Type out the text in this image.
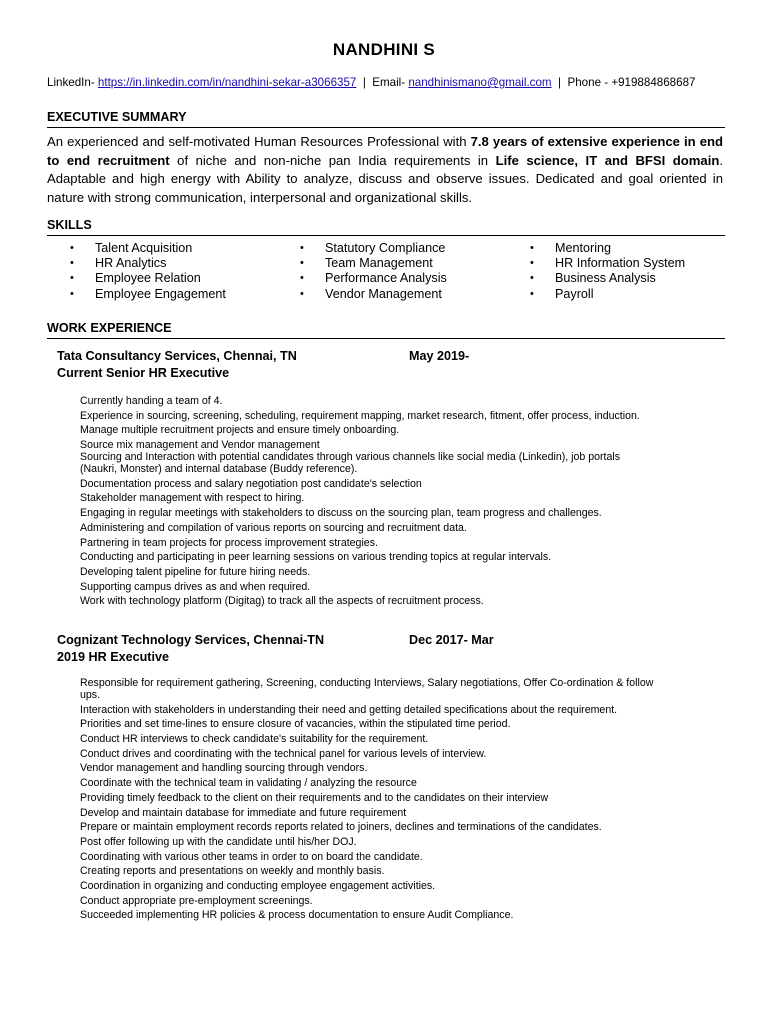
NANDHINI S
LinkedIn- https://in.linkedin.com/in/nandhini-sekar-a3066357  |  Email- nandhinismano@gmail.com  |  Phone - +919884868687
EXECUTIVE SUMMARY
An experienced and self-motivated Human Resources Professional with 7.8 years of extensive experience in end to end recruitment of niche and non-niche pan India requirements in Life science, IT and BFSI domain. Adaptable and high energy with Ability to analyze, discuss and observe issues. Dedicated and goal oriented in nature with strong communication, interpersonal and organizational skills.
SKILLS
• Talent Acquisition
• HR Analytics
• Employee Relation
• Employee Engagement
• Statutory Compliance
• Team Management
• Performance Analysis
• Vendor Management
• Mentoring
• HR Information System
• Business Analysis
• Payroll
WORK EXPERIENCE
Tata Consultancy Services, Chennai, TN
Current Senior HR Executive
May 2019-
Currently handing a team of 4.
Experience in sourcing, screening, scheduling, requirement mapping, market research, fitment, offer process, induction.
Manage multiple recruitment projects and ensure timely onboarding.
Source mix management and Vendor management
Sourcing and Interaction with potential candidates through various channels like social media (Linkedin), job portals (Naukri, Monster) and internal database (Buddy reference).
Documentation process and salary negotiation post candidate's selection
Stakeholder management with respect to hiring.
Engaging in regular meetings with stakeholders to discuss on the sourcing plan, team progress and challenges.
Administering and compilation of various reports on sourcing and recruitment data.
Partnering in team projects for process improvement strategies.
Conducting and participating in peer learning sessions on various trending topics at regular intervals.
Developing talent pipeline for future hiring needs.
Supporting campus drives as and when required.
Work with technology platform (Digitag) to track all the aspects of recruitment process.
Cognizant Technology Services, Chennai-TN
2019 HR Executive
Dec 2017- Mar
Responsible for requirement gathering, Screening, conducting Interviews, Salary negotiations, Offer Co-ordination & follow ups.
Interaction with stakeholders in understanding their need and getting detailed specifications about the requirement.
Priorities and set time-lines to ensure closure of vacancies, within the stipulated time period.
Conduct HR interviews to check candidate's suitability for the requirement.
Conduct drives and coordinating with the technical panel for various levels of interview.
Vendor management and handling sourcing through vendors.
Coordinate with the technical team in validating / analyzing the resource
Providing timely feedback to the client on their requirements and to the candidates on their interview
Develop and maintain database for immediate and future requirement
Prepare or maintain employment records reports related to joiners, declines and terminations of the candidates.
Post offer following up with the candidate until his/her DOJ.
Coordinating with various other teams in order to on board the candidate.
Creating reports and presentations on weekly and monthly basis.
Coordination in organizing and conducting employee engagement activities.
Conduct appropriate pre-employment screenings.
Succeeded implementing HR policies & process documentation to ensure Audit Compliance.
